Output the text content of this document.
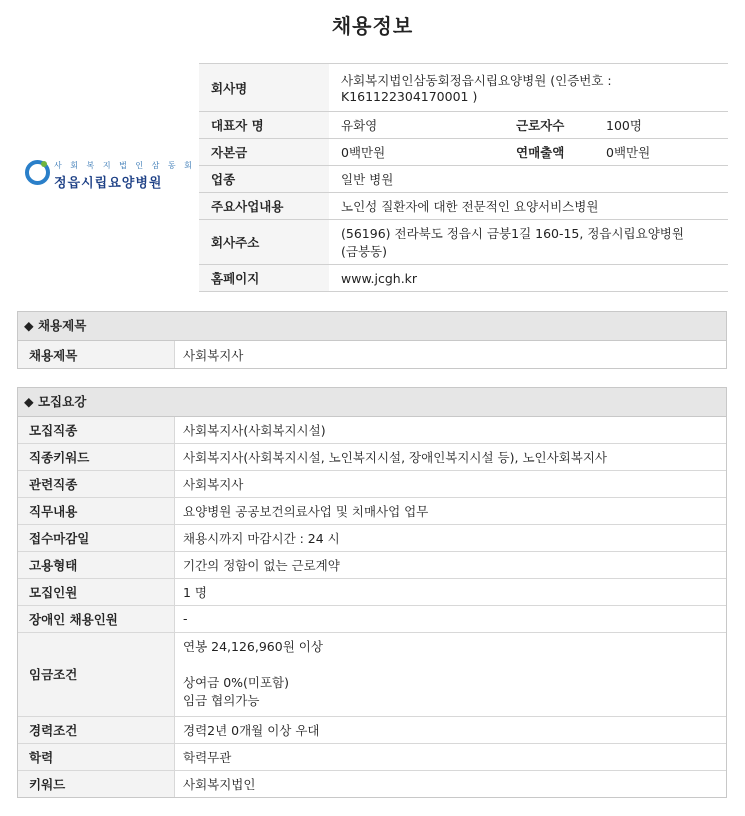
채용정보
사 회 복 지 법 인 삼 동 회
정읍시립요양병원
회사명	사회복지법인삼동회정읍시립요양병원 (인증번호 :
K161122304170001 )		

대표자 명	유화영	근로자수	100명
자본금	0백만원	연매출액	0백만원
업종	일반 병원		
주요사업내용	노인성 질환자에 대한 전문적인 요양서비스병원		
회사주소	(56196) 전라북도 정읍시 금붕1길 160-15, 정읍시립요양병원
(금붕동)		

홈페이지	www.jcgh.kr		
◆ 채용제목
채용제목	사회복지사
◆ 모집요강
모집직종	사회복지사(사회복지시설)
직종키워드	사회복지사(사회복지시설, 노인복지시설, 장애인복지시설 등), 노인사회복지사
관련직종	사회복지사
직무내용	요양병원 공공보건의료사업 및 치매사업 업무
접수마감일	채용시까지 마감시간 : 24 시
고용형태	기간의 정함이 없는 근로계약
모집인원	1 명
장애인 채용인원	-
임금조건	연봉 24,126,960원 이상

상여금 0%(미포함)
임금 협의가능

경력조건	경력2년 0개월 이상 우대
학력	학력무관
키워드	사회복지법인
